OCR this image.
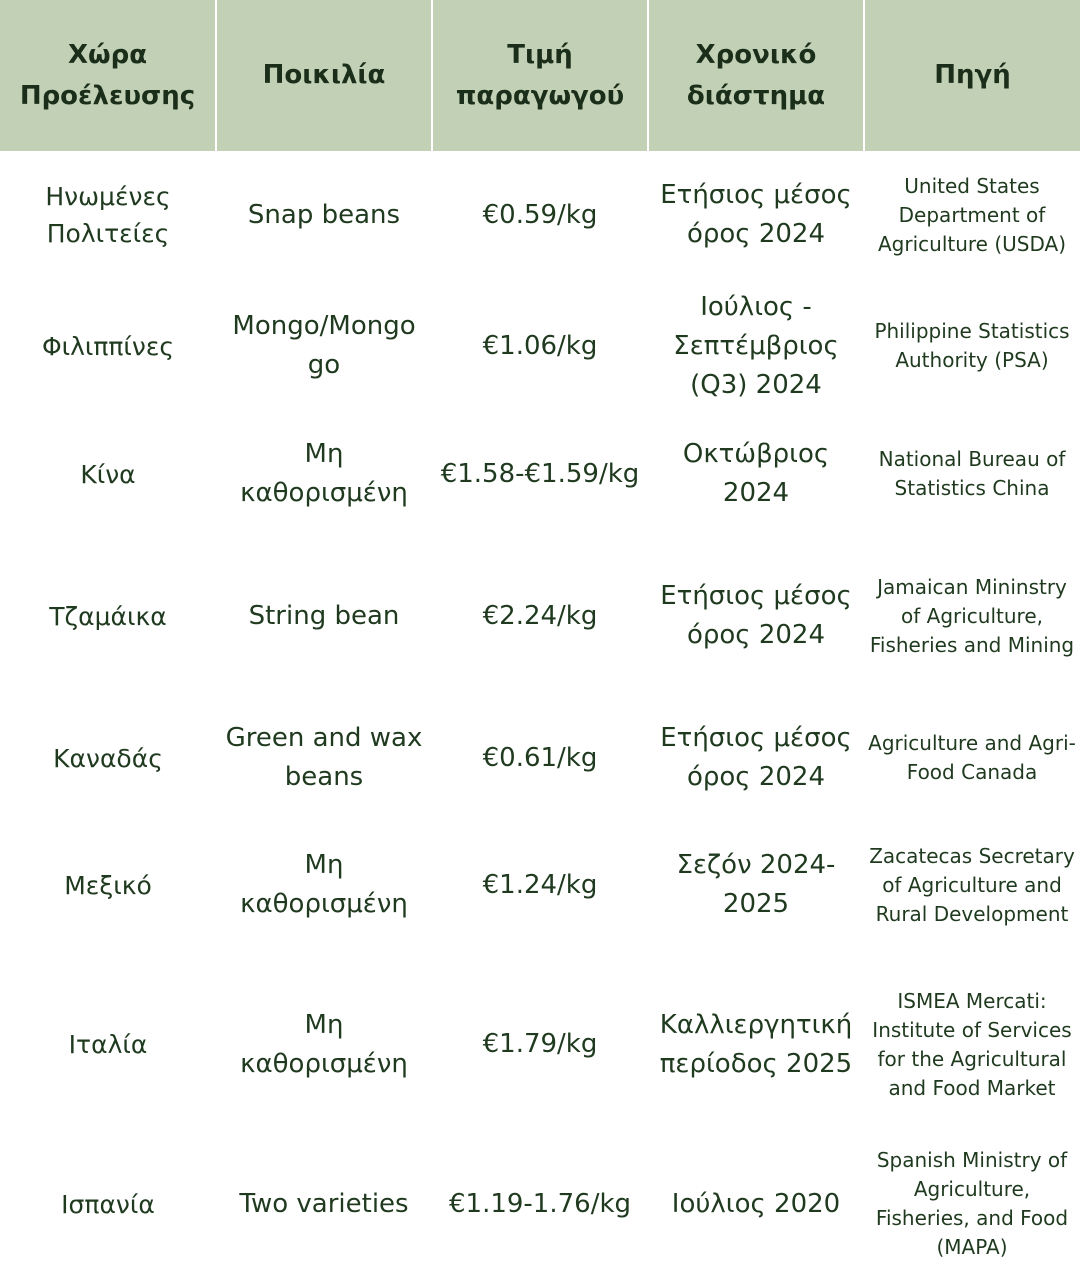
Χώρα Προέλευσης	Ποικιλία	Τιμή παραγωγού	Χρονικό διάστημα	Πηγή
Ηνωμένες Πολιτείες	Snap beans	€0.59/kg	Ετήσιος μέσος όρος 2024	United States Department of Agriculture (USDA)
Φιλιππίνες	Mongo/Mongo go	€1.06/kg	Ιούλιος - Σεπτέμβριος (Q3) 2024	Philippine Statistics Authority (PSA)
Κίνα	Μη καθορισμένη	€1.58-€1.59/kg	Οκτώβριος 2024	National Bureau of Statistics China
Τζαμάικα	String bean	€2.24/kg	Ετήσιος μέσος όρος 2024	Jamaican Mininstry of Agriculture, Fisheries and Mining
Καναδάς	Green and wax beans	€0.61/kg	Ετήσιος μέσος όρος 2024	Agriculture and Agri-Food Canada
Μεξικό	Μη καθορισμένη	€1.24/kg	Σεζόν 2024-2025	Zacatecas Secretary of Agriculture and Rural Development
Ιταλία	Μη καθορισμένη	€1.79/kg	Καλλιεργητική περίοδος 2025	ISMEA Mercati: Institute of Services for the Agricultural and Food Market
Ισπανία	Two varieties	€1.19-1.76/kg	Ιούλιος 2020	Spanish Ministry of Agriculture, Fisheries, and Food (MAPA)
